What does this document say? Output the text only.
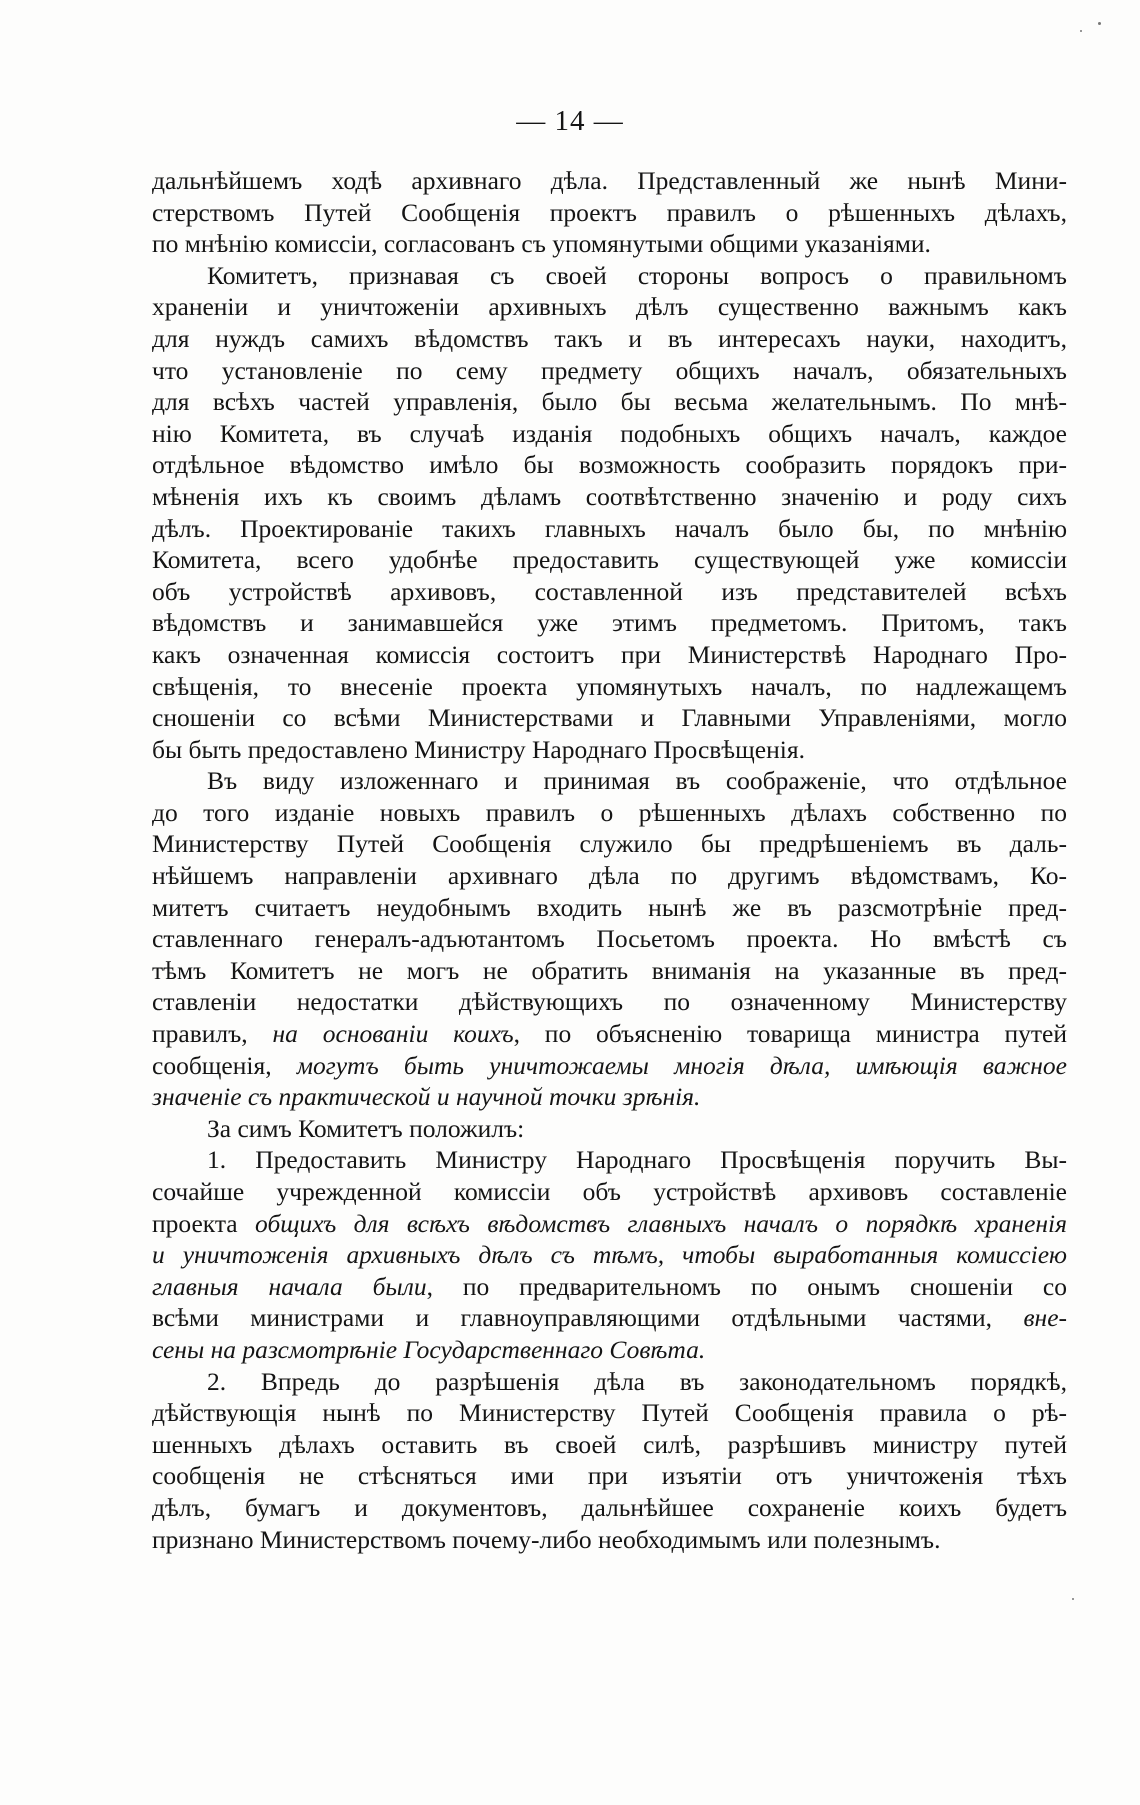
— 14 —
дальнѣйшемъ ходѣ архивнаго дѣла. Представленный же нынѣ Мини-
стерствомъ Путей Сообщенія проектъ правилъ о рѣшенныхъ дѣлахъ,
по мнѣнію комиссіи, согласованъ съ упомянутыми общими указаніями.
Комитетъ, признавая съ своей стороны вопросъ о правильномъ
храненіи и уничтоженіи архивныхъ дѣлъ существенно важнымъ какъ
для нуждъ самихъ вѣдомствъ такъ и въ интересахъ науки, находитъ,
что установленіе по сему предмету общихъ началъ, обязательныхъ
для всѣхъ частей управленія, было бы весьма желательнымъ. По мнѣ-
нію Комитета, въ случаѣ изданія подобныхъ общихъ началъ, каждое
отдѣльное вѣдомство имѣло бы возможность сообразить порядокъ при-
мѣненія ихъ къ своимъ дѣламъ соотвѣтственно значенію и роду сихъ
дѣлъ. Проектированіе такихъ главныхъ началъ было бы, по мнѣнію
Комитета, всего удобнѣе предоставить существующей уже комиссіи
объ устройствѣ архивовъ, составленной изъ представителей всѣхъ
вѣдомствъ и занимавшейся уже этимъ предметомъ. Притомъ, такъ
какъ означенная комиссія состоитъ при Министерствѣ Народнаго Про-
свѣщенія, то внесеніе проекта упомянутыхъ началъ, по надлежащемъ
сношеніи со всѣми Министерствами и Главными Управленіями, могло
бы быть предоставлено Министру Народнаго Просвѣщенія.
Въ виду изложеннаго и принимая въ соображеніе, что отдѣльное
до того изданіе новыхъ правилъ о рѣшенныхъ дѣлахъ собственно по
Министерству Путей Сообщенія служило бы предрѣшеніемъ въ даль-
нѣйшемъ направленіи архивнаго дѣла по другимъ вѣдомствамъ, Ко-
митетъ считаетъ неудобнымъ входить нынѣ же въ разсмотрѣніе пред-
ставленнаго генералъ-адъютантомъ Посьетомъ проекта. Но вмѣстѣ съ
тѣмъ Комитетъ не могъ не обратить вниманія на указанные въ пред-
ставленіи недостатки дѣйствующихъ по означенному Министерству
правилъ, на основаніи коихъ, по объясненію товарища министра путей
сообщенія, могутъ быть уничтожаемы многія дѣла, имѣющія важное
значеніе съ практической и научной точки зрѣнія.
За симъ Комитетъ положилъ:
1. Предоставить Министру Народнаго Просвѣщенія поручить Вы-
сочайше учрежденной комиссіи объ устройствѣ архивовъ составленіе
проекта общихъ для всѣхъ вѣдомствъ главныхъ началъ о порядкѣ храненія
и уничтоженія архивныхъ дѣлъ съ тѣмъ, чтобы выработанныя комиссіею
главныя начала были, по предварительномъ по онымъ сношеніи со
всѣми министрами и главноуправляющими отдѣльными частями, вне-
сены на разсмотрѣніе Государственнаго Совѣта.
2. Впредь до разрѣшенія дѣла въ законодательномъ порядкѣ,
дѣйствующія нынѣ по Министерству Путей Сообщенія правила о рѣ-
шенныхъ дѣлахъ оставить въ своей силѣ, разрѣшивъ министру путей
сообщенія не стѣсняться ими при изъятіи отъ уничтоженія тѣхъ
дѣлъ, бумагъ и документовъ, дальнѣйшее сохраненіе коихъ будетъ
признано Министерствомъ почему-либо необходимымъ или полезнымъ.
